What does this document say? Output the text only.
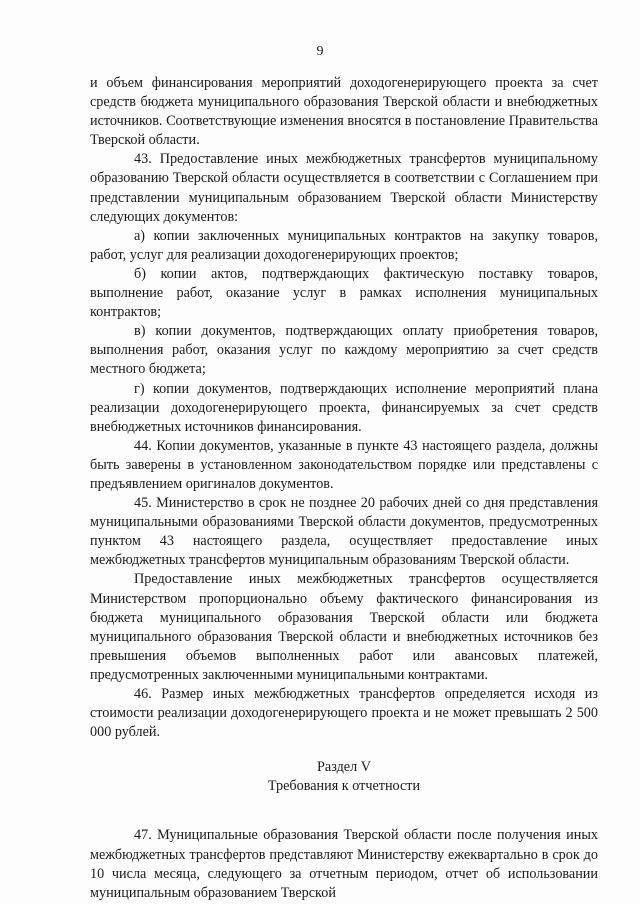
9

и объем финансирования мероприятий доходогенерирующего проекта за счет средств бюджета муниципального образования Тверской области и внебюджетных источников. Соответствующие изменения вносятся в постановление Правительства Тверской области.

43. Предоставление иных межбюджетных трансфертов муниципальному образованию Тверской области осуществляется в соответствии с Соглашением при представлении муниципальным образованием Тверской области Министерству следующих документов:

а) копии заключенных муниципальных контрактов на закупку товаров, работ, услуг для реализации доходогенерирующих проектов;

б) копии актов, подтверждающих фактическую поставку товаров, выполнение работ, оказание услуг в рамках исполнения муниципальных контрактов;

в) копии документов, подтверждающих оплату приобретения товаров, выполнения работ, оказания услуг по каждому мероприятию за счет средств местного бюджета;

г) копии документов, подтверждающих исполнение мероприятий плана реализации доходогенерирующего проекта, финансируемых за счет средств внебюджетных источников финансирования.

44. Копии документов, указанные в пункте 43 настоящего раздела, должны быть заверены в установленном законодательством порядке или представлены с предъявлением оригиналов документов.

45. Министерство в срок не позднее 20 рабочих дней со дня представления муниципальными образованиями Тверской области документов, предусмотренных пунктом 43 настоящего раздела, осуществляет предоставление иных межбюджетных трансфертов муниципальным образованиям Тверской области.

Предоставление иных межбюджетных трансфертов осуществляется Министерством пропорционально объему фактического финансирования из бюджета муниципального образования Тверской области или бюджета муниципального образования Тверской области и внебюджетных источников без превышения объемов выполненных работ или авансовых платежей, предусмотренных заключенными муниципальными контрактами.

46. Размер иных межбюджетных трансфертов определяется исходя из стоимости реализации доходогенерирующего проекта и не может превышать 2 500 000 рублей.

Раздел V

Требования к отчетности

47. Муниципальные образования Тверской области после получения иных межбюджетных трансфертов представляют Министерству ежеквартально в срок до 10 числа месяца, следующего за отчетным периодом, отчет об использовании муниципальным образованием Тверской
